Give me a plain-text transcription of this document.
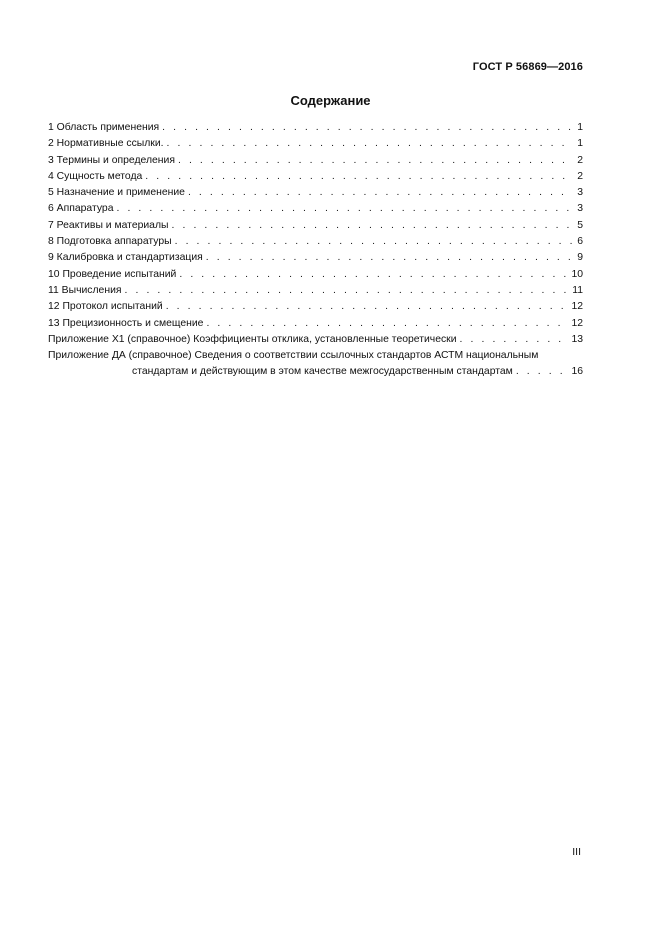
ГОСТ Р 56869—2016
Содержание
1 Область применения . . .	1
2 Нормативные ссылки. . . .	1
3 Термины и определения . . .	2
4 Сущность метода . . .	2
5 Назначение и применение . . .	3
6 Аппаратура . . .	3
7 Реактивы и материалы . . .	5
8 Подготовка аппаратуры . . .	6
9 Калибровка и стандартизация . . .	9
10 Проведение испытаний . . .	10
11 Вычисления . . .	11
12 Протокол испытаний . . .	12
13 Прецизионность и смещение . . .	12
Приложение Х1 (справочное) Коэффициенты отклика, установленные теоретически . . .	13
Приложение ДА (справочное) Сведения о соответствии ссылочных стандартов АСТМ национальным
стандартам и действующим в этом качестве межгосударственным стандартам . . .	16
III
